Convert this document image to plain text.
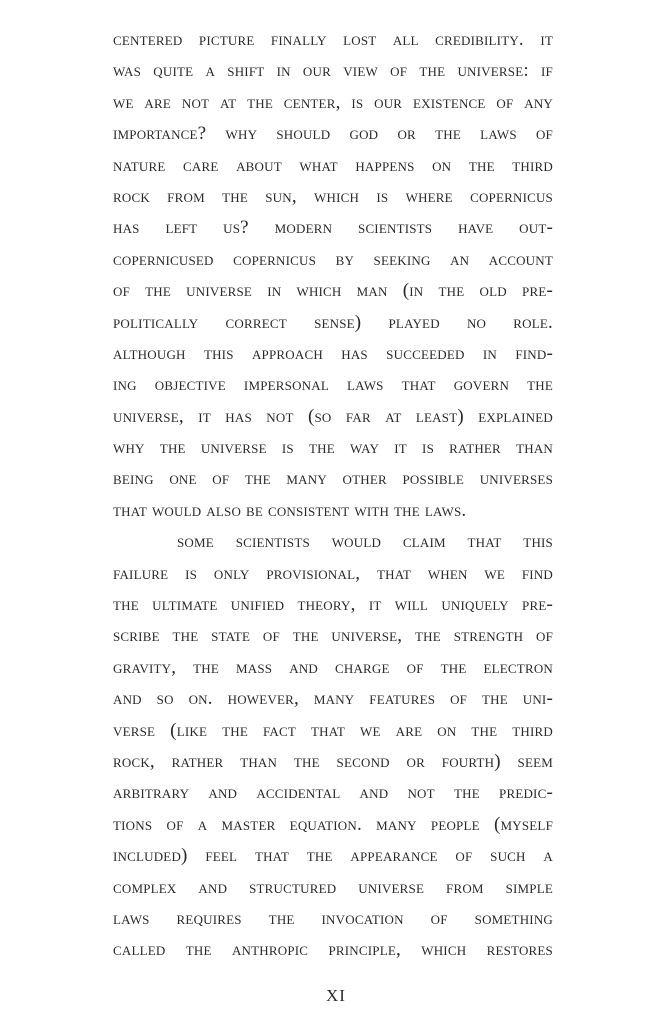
centered picture finally lost all credibility. it
was quite a shift in our view of the universe: if
we are not at the center, is our existence of any
importance? why should god or the laws of
nature care about what happens on the third
rock from the sun, which is where copernicus
has left us? modern scientists have out-
copernicused copernicus by seeking an account
of the universe in which man (in the old pre-
politically correct sense) played no role.
although this approach has succeeded in find-
ing objective impersonal laws that govern the
universe, it has not (so far at least) explained
why the universe is the way it is rather than
being one of the many other possible universes
that would also be consistent with the laws.
some scientists would claim that this
failure is only provisional, that when we find
the ultimate unified theory, it will uniquely pre-
scribe the state of the universe, the strength of
gravity, the mass and charge of the electron
and so on. however, many features of the uni-
verse (like the fact that we are on the third
rock, rather than the second or fourth) seem
arbitrary and accidental and not the predic-
tions of a master equation. many people (myself
included) feel that the appearance of such a
complex and structured universe from simple
laws requires the invocation of something
called the anthropic principle, which restores
XI
